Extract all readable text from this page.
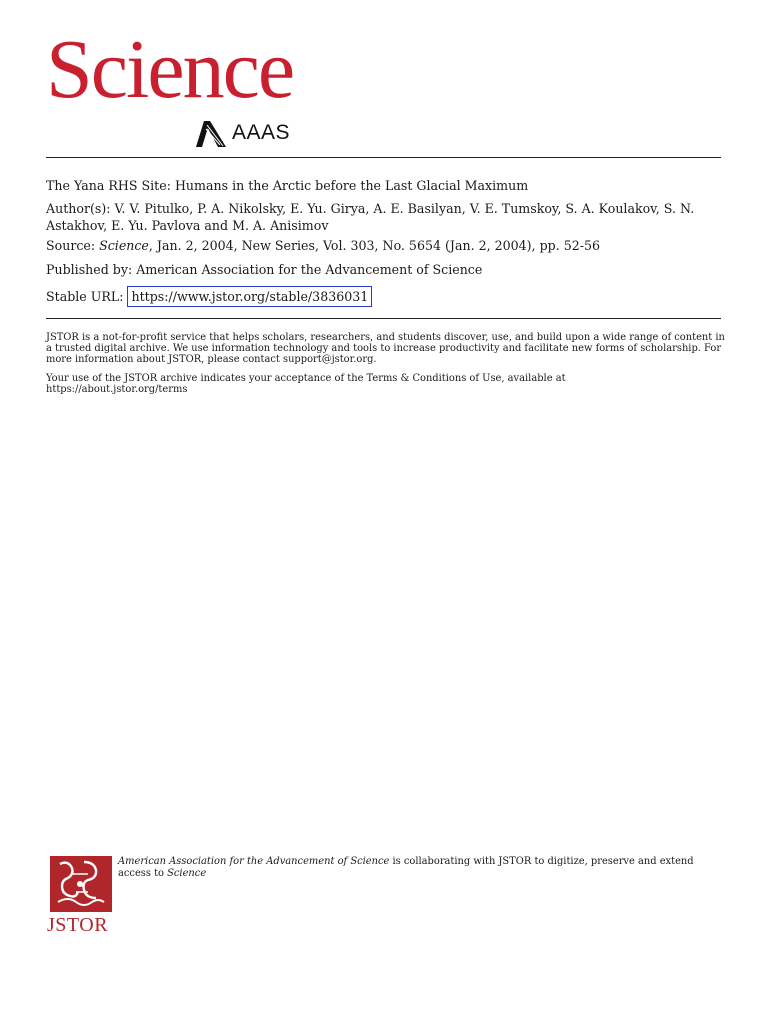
Science
AAAS
The Yana RHS Site: Humans in the Arctic before the Last Glacial Maximum
Author(s): V. V. Pitulko, P. A. Nikolsky, E. Yu. Girya, A. E. Basilyan, V. E. Tumskoy, S. A. Koulakov, S. N. Astakhov, E. Yu. Pavlova and M. A. Anisimov
Source: Science, Jan. 2, 2004, New Series, Vol. 303, No. 5654 (Jan. 2, 2004), pp. 52-56
Published by: American Association for the Advancement of Science
Stable URL: https://www.jstor.org/stable/3836031
JSTOR is a not-for-profit service that helps scholars, researchers, and students discover, use, and build upon a wide range of content in a trusted digital archive. We use information technology and tools to increase productivity and facilitate new forms of scholarship. For more information about JSTOR, please contact support@jstor.org.
Your use of the JSTOR archive indicates your acceptance of the Terms & Conditions of Use, available at https://about.jstor.org/terms
JSTOR
American Association for the Advancement of Science is collaborating with JSTOR to digitize, preserve and extend access to Science
